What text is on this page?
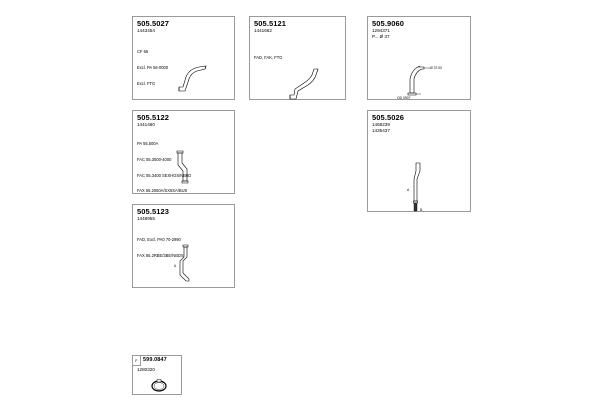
505.5027
1443454

CF 65

Excl. PA 56-0000

Excl. FTG

505.5121
1441662

FAD, FAK, FTG

505.9060
1294371
P... Ø 37
Ø 37.00
OD 0907
505.5122
1441460

PA 55.500A

FAC 55.3500-4000

FAC 55.3400 SEXHOS/NB0D

FAX 55.2060A/SX5SA/BUS

505.5026
1468239
1435437
A
B
505.5123
1448955

FAD, Excl. PA0 70-2990

FAX 65.2RBE/3BE/NBDS

A
F 599.0847
1280320
